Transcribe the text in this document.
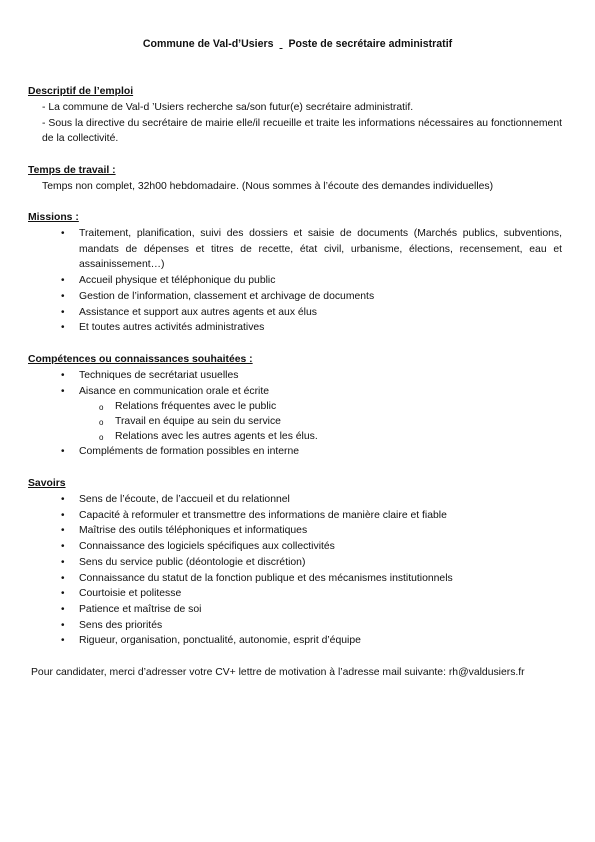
Commune de Val-d’Usiers Poste de secrétaire administratif
Descriptif de l’emploi
- La commune de Val-d ’Usiers recherche sa/son futur(e) secrétaire administratif.
- Sous la directive du secrétaire de mairie elle/il recueille et traite les informations nécessaires au fonctionnement de la collectivité.
Temps de travail :
Temps non complet, 32h00 hebdomadaire. (Nous sommes à l’écoute des demandes individuelles)
Missions :
• Traitement, planification, suivi des dossiers et saisie de documents (Marchés publics, subventions, mandats de dépenses et titres de recette, état civil, urbanisme, élections, recensement, eau et assainissement…)
• Accueil physique et téléphonique du public
• Gestion de l’information, classement et archivage de documents
• Assistance et support aux autres agents et aux élus
• Et toutes autres activités administratives
Compétences ou connaissances souhaitées :
• Techniques de secrétariat usuelles
• Aisance en communication orale et écrite
o Relations fréquentes avec le public
o Travail en équipe au sein du service
o Relations avec les autres agents et les élus.
• Compléments de formation possibles en interne
Savoirs
• Sens de l’écoute, de l’accueil et du relationnel
• Capacité à reformuler et transmettre des informations de manière claire et fiable
• Maîtrise des outils téléphoniques et informatiques
• Connaissance des logiciels spécifiques aux collectivités
• Sens du service public (déontologie et discrétion)
• Connaissance du statut de la fonction publique et des mécanismes institutionnels
• Courtoisie et politesse
• Patience et maîtrise de soi
• Sens des priorités
• Rigueur, organisation, ponctualité, autonomie, esprit d’équipe
Pour candidater, merci d’adresser votre CV+ lettre de motivation à l’adresse mail suivante: rh@valdusiers.fr
